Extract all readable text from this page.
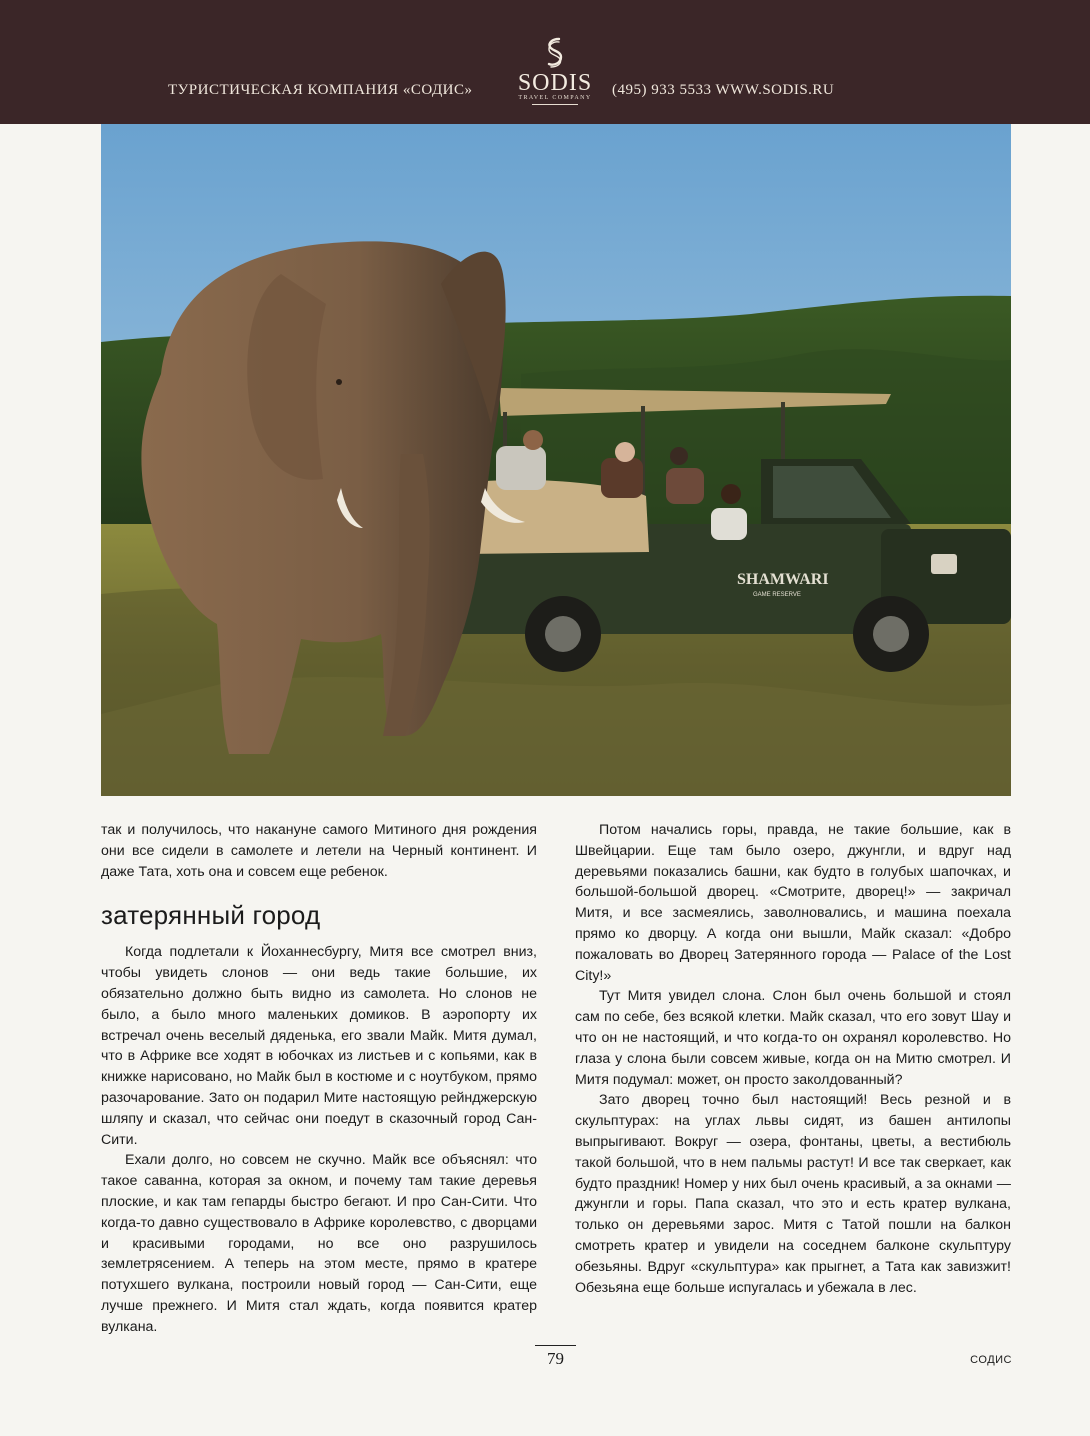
ТУРИСТИЧЕСКАЯ КОМПАНИЯ «СОДИС»	SODIS
TRAVEL COMPANY	(495) 933 5533 WWW.SODIS.RU
SHAMWARI
GAME RESERVE

так и получилось, что накануне самого Митиного дня рождения они все сидели в самолете и летели на Черный континент. И даже Тата, хоть она и совсем еще ребенок.

затерянный город

Когда подлетали к Йоханнесбургу, Митя все смотрел вниз, чтобы увидеть слонов — они ведь такие большие, их обязательно должно быть видно из самолета. Но слонов не было, а было много маленьких домиков. В аэропорту их встречал очень веселый дяденька, его звали Майк. Митя думал, что в Африке все ходят в юбочках из листьев и с копьями, как в книжке нарисовано, но Майк был в костюме и с ноутбуком, прямо разочарование. Зато он подарил Мите настоящую рейнджерскую шляпу и сказал, что сейчас они поедут в сказочный город Сан-Сити.

Ехали долго, но совсем не скучно. Майк все объяснял: что такое саванна, которая за окном, и почему там такие деревья плоские, и как там гепарды быстро бегают. И про Сан-Сити. Что когда-то давно существовало в Африке королевство, с дворцами и красивыми городами, но все оно разрушилось землетрясением. А теперь на этом месте, прямо в кратере потухшего вулкана, построили новый город — Сан-Сити, еще лучше прежнего. И Митя стал ждать, когда появится кратер вулкана.

Потом начались горы, правда, не такие большие, как в Швейцарии. Еще там было озеро, джунгли, и вдруг над деревьями показались башни, как будто в голубых шапочках, и большой-большой дворец. «Смотрите, дворец!» — закричал Митя, и все засмеялись, заволновались, и машина поехала прямо ко дворцу. А когда они вышли, Майк сказал: «Добро пожаловать во Дворец Затерянного города — Palace of the Lost City!»

Тут Митя увидел слона. Слон был очень большой и стоял сам по себе, без всякой клетки. Майк сказал, что его зовут Шау и что он не настоящий, и что когда-то он охранял королевство. Но глаза у слона были совсем живые, когда он на Митю смотрел. И Митя подумал: может, он просто заколдованный?

Зато дворец точно был настоящий! Весь резной и в скульптурах: на углах львы сидят, из башен антилопы выпрыгивают. Вокруг — озера, фонтаны, цветы, а вестибюль такой большой, что в нем пальмы растут! И все так сверкает, как будто праздник! Номер у них был очень красивый, а за окнами — джунгли и горы. Папа сказал, что это и есть кратер вулкана, только он деревьями зарос. Митя с Татой пошли на балкон смотреть кратер и увидели на соседнем балконе скульптуру обезьяны. Вдруг «скульптура» как прыгнет, а Тата как завизжит! Обезьяна еще больше испугалась и убежала в лес.

79	СОДИС
